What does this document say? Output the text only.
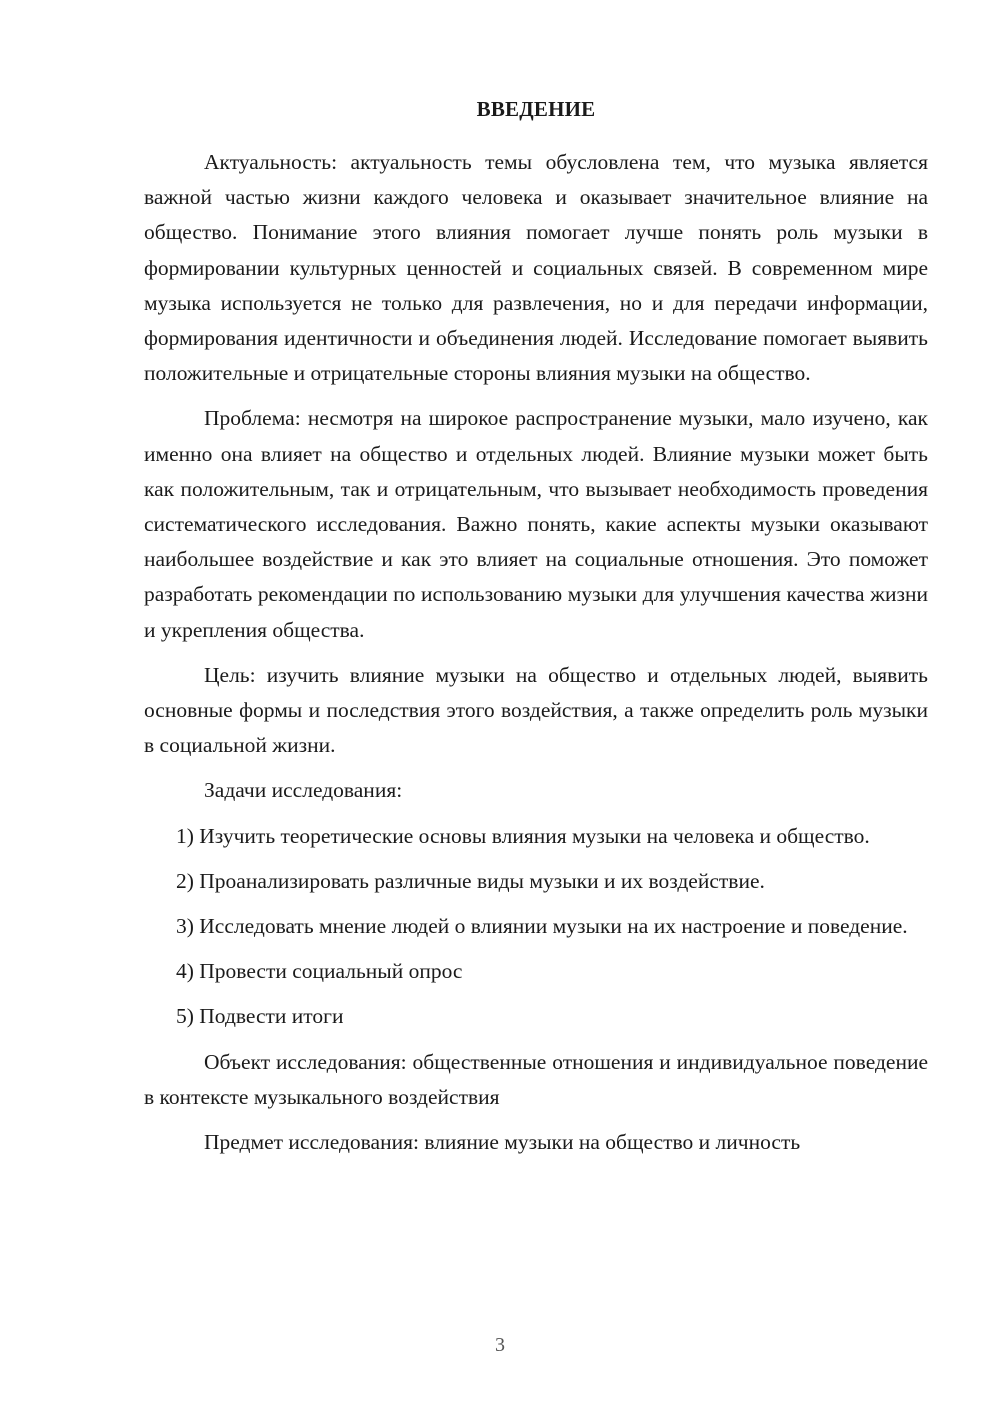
ВВЕДЕНИЕ

Актуальность: актуальность темы обусловлена тем, что музыка является важной частью жизни каждого человека и оказывает значительное влияние на общество. Понимание этого влияния помогает лучше понять роль музыки в формировании культурных ценностей и социальных связей. В современном мире музыка используется не только для развлечения, но и для передачи информации, формирования идентичности и объединения людей. Исследование помогает выявить положительные и отрицательные стороны влияния музыки на общество.

Проблема: несмотря на широкое распространение музыки, мало изучено, как именно она влияет на общество и отдельных людей. Влияние музыки может быть как положительным, так и отрицательным, что вызывает необходимость проведения систематического исследования. Важно понять, какие аспекты музыки оказывают наибольшее воздействие и как это влияет на социальные отношения. Это поможет разработать рекомендации по использованию музыки для улучшения качества жизни и укрепления общества.

Цель: изучить влияние музыки на общество и отдельных людей, выявить основные формы и последствия этого воздействия, а также определить роль музыки в социальной жизни.

Задачи исследования:

1) Изучить теоретические основы влияния музыки на человека и общество.

2) Проанализировать различные виды музыки и их воздействие.

3) Исследовать мнение людей о влиянии музыки на их настроение и поведение.

4) Провести социальный опрос

5) Подвести итоги

Объект исследования: общественные отношения и индивидуальное поведение в контексте музыкального воздействия

Предмет исследования: влияние музыки на общество и личность

3
